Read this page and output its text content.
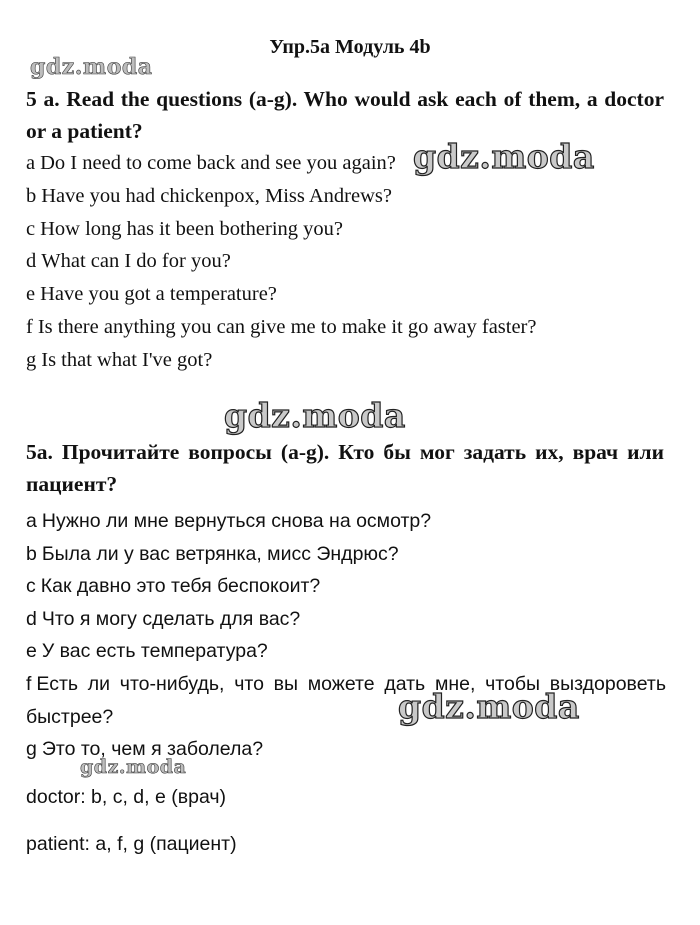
Упр.5a Модуль 4b
gdz.moda
5 a. Read the questions (a-g). Who would ask each of them, a doctor or a patient?
a Do I need to come back and see you again?
b Have you had chickenpox, Miss Andrews?
c How long has it been bothering you?
d What can I do for you?
e Have you got a temperature?
f Is there anything you can give me to make it go away faster?
g Is that what I've got?
gdz.moda
gdz.moda
5a. Прочитайте вопросы (a-g). Кто бы мог задать их, врач или пациент?
a Нужно ли мне вернуться снова на осмотр?
b Была ли у вас ветрянка, мисс Эндрюс?
c Как давно это тебя беспокоит?
d Что я могу сделать для вас?
e У вас есть температура?
f Есть ли что-нибудь, что вы можете дать мне, чтобы выздороветь быстрее?
g Это то, чем я заболела?
gdz.moda
gdz.moda
doctor: b, c, d, e (врач)
patient: a, f, g (пациент)
